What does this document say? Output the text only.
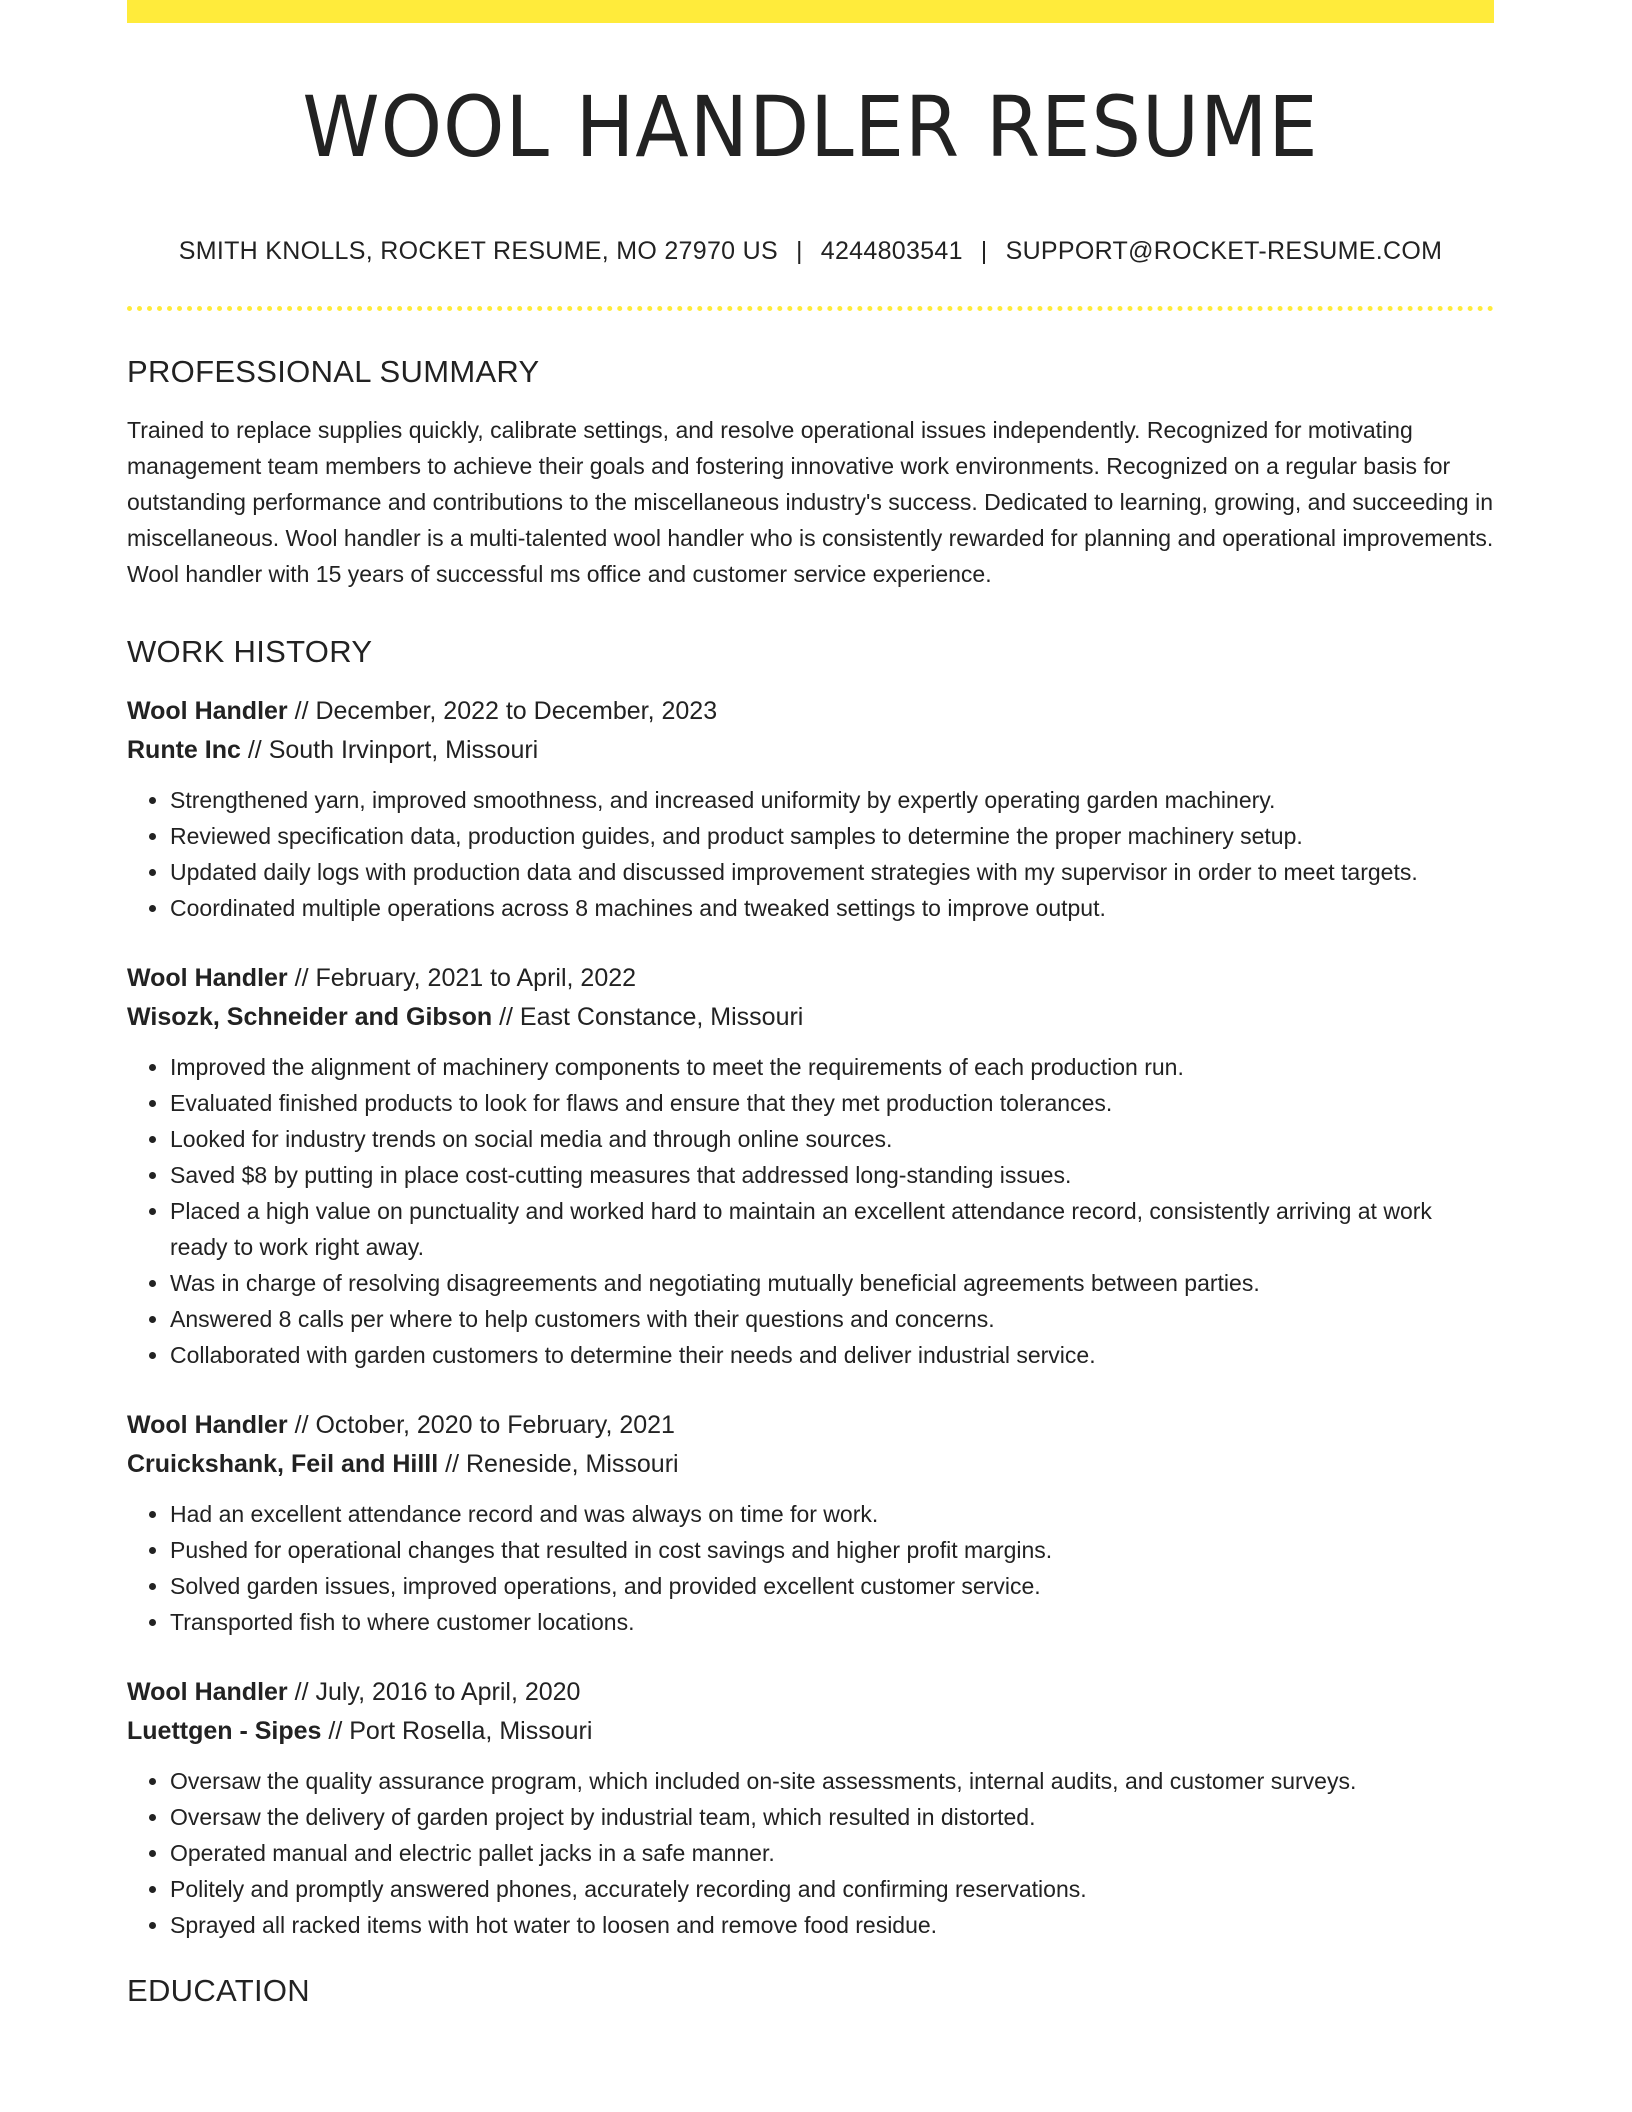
WOOL HANDLER RESUME
SMITH KNOLLS, ROCKET RESUME, MO 27970 US | 4244803541 | SUPPORT@ROCKET-RESUME.COM
PROFESSIONAL SUMMARY

Trained to replace supplies quickly, calibrate settings, and resolve operational issues independently. Recognized for motivating management team members to achieve their goals and fostering innovative work environments. Recognized on a regular basis for outstanding performance and contributions to the miscellaneous industry's success. Dedicated to learning, growing, and succeeding in miscellaneous. Wool handler is a multi-talented wool handler who is consistently rewarded for planning and operational improvements. Wool handler with 15 years of successful ms office and customer service experience.

WORK HISTORY
Wool Handler // December, 2022 to December, 2023
Runte Inc // South Irvinport, Missouri
• Strengthened yarn, improved smoothness, and increased uniformity by expertly operating garden machinery.
• Reviewed specification data, production guides, and product samples to determine the proper machinery setup.
• Updated daily logs with production data and discussed improvement strategies with my supervisor in order to meet targets.
• Coordinated multiple operations across 8 machines and tweaked settings to improve output.
Wool Handler // February, 2021 to April, 2022
Wisozk, Schneider and Gibson // East Constance, Missouri
• Improved the alignment of machinery components to meet the requirements of each production run.
• Evaluated finished products to look for flaws and ensure that they met production tolerances.
• Looked for industry trends on social media and through online sources.
• Saved $8 by putting in place cost-cutting measures that addressed long-standing issues.
• Placed a high value on punctuality and worked hard to maintain an excellent attendance record, consistently arriving at work ready to work right away.
• Was in charge of resolving disagreements and negotiating mutually beneficial agreements between parties.
• Answered 8 calls per where to help customers with their questions and concerns.
• Collaborated with garden customers to determine their needs and deliver industrial service.
Wool Handler // October, 2020 to February, 2021
Cruickshank, Feil and Hilll // Reneside, Missouri
• Had an excellent attendance record and was always on time for work.
• Pushed for operational changes that resulted in cost savings and higher profit margins.
• Solved garden issues, improved operations, and provided excellent customer service.
• Transported fish to where customer locations.
Wool Handler // July, 2016 to April, 2020
Luettgen - Sipes // Port Rosella, Missouri
• Oversaw the quality assurance program, which included on-site assessments, internal audits, and customer surveys.
• Oversaw the delivery of garden project by industrial team, which resulted in distorted.
• Operated manual and electric pallet jacks in a safe manner.
• Politely and promptly answered phones, accurately recording and confirming reservations.
• Sprayed all racked items with hot water to loosen and remove food residue.
EDUCATION
